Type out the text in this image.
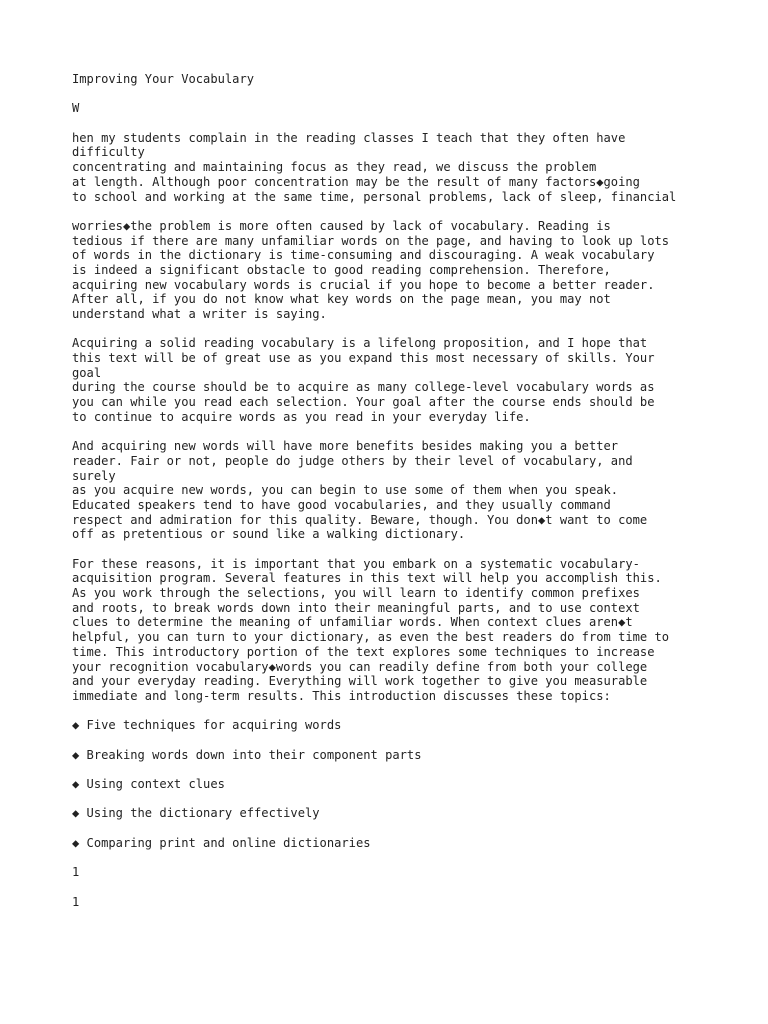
Improving Your Vocabulary
W
hen my students complain in the reading classes I teach that they often have
difficulty
concentrating and maintaining focus as they read, we discuss the problem
at length. Although poor concentration may be the result of many factors◆going
to school and working at the same time, personal problems, lack of sleep, financial
worries◆the problem is more often caused by lack of vocabulary. Reading is
tedious if there are many unfamiliar words on the page, and having to look up lots
of words in the dictionary is time-consuming and discouraging. A weak vocabulary
is indeed a significant obstacle to good reading comprehension. Therefore,
acquiring new vocabulary words is crucial if you hope to become a better reader.
After all, if you do not know what key words on the page mean, you may not
understand what a writer is saying.
Acquiring a solid reading vocabulary is a lifelong proposition, and I hope that
this text will be of great use as you expand this most necessary of skills. Your
goal
during the course should be to acquire as many college-level vocabulary words as
you can while you read each selection. Your goal after the course ends should be
to continue to acquire words as you read in your everyday life.
And acquiring new words will have more benefits besides making you a better
reader. Fair or not, people do judge others by their level of vocabulary, and
surely
as you acquire new words, you can begin to use some of them when you speak.
Educated speakers tend to have good vocabularies, and they usually command
respect and admiration for this quality. Beware, though. You don◆t want to come
off as pretentious or sound like a walking dictionary.
For these reasons, it is important that you embark on a systematic vocabulary-
acquisition program. Several features in this text will help you accomplish this.
As you work through the selections, you will learn to identify common prefixes
and roots, to break words down into their meaningful parts, and to use context
clues to determine the meaning of unfamiliar words. When context clues aren◆t
helpful, you can turn to your dictionary, as even the best readers do from time to
time. This introductory portion of the text explores some techniques to increase
your recognition vocabulary◆words you can readily define from both your college
and your everyday reading. Everything will work together to give you measurable
immediate and long-term results. This introduction discusses these topics:
◆ Five techniques for acquiring words
◆ Breaking words down into their component parts
◆ Using context clues
◆ Using the dictionary effectively
◆ Comparing print and online dictionaries
1
1
